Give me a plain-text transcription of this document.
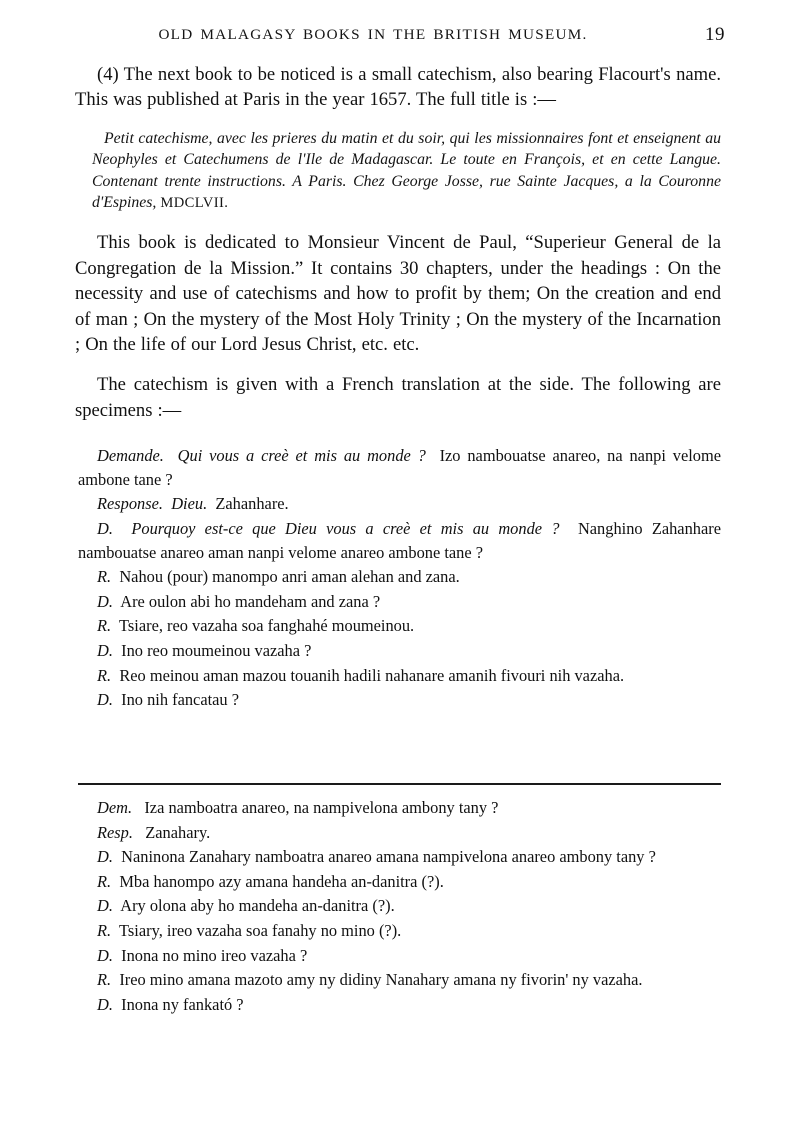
OLD MALAGASY BOOKS IN THE BRITISH MUSEUM.	19

(4) The next book to be noticed is a small catechism, also bearing Flacourt's name. This was published at Paris in the year 1657. The full title is :—

Petit catechisme, avec les prieres du matin et du soir, qui les missionnaires font et enseignent au Neophyles et Catechumens de l'Ile de Madagascar. Le toute en François, et en cette Langue. Contenant trente instructions. A Paris. Chez George Josse, rue Sainte Jacques, a la Couronne d'Espines, MDCLVII.

This book is dedicated to Monsieur Vincent de Paul, “Superieur General de la Congregation de la Mission.” It contains 30 chapters, under the headings : On the necessity and use of catechisms and how to profit by them; On the creation and end of man ; On the mystery of the Most Holy Trinity ; On the mystery of the Incarnation ; On the life of our Lord Jesus Christ, etc. etc.

The catechism is given with a French translation at the side. The following are specimens :—

Demande. Qui vous a creè et mis au monde ? Izo nambouatse anareo, na nanpi velome ambone tane ?

Response. Dieu. Zahanhare.

D. Pourquoy est-ce que Dieu vous a creè et mis au monde ? Nanghino Zahanhare nambouatse anareo aman nanpi velome anareo ambone tane ?

R. Nahou (pour) manompo anri aman alehan and zana.

D. Are oulon abi ho mandeham and zana ?

R. Tsiare, reo vazaha soa fanghahé moumeinou.

D. Ino reo moumeinou vazaha ?

R. Reo meinou aman mazou touanih hadili nahanare amanih fivouri nih vazaha.

D. Ino nih fancatau ?

Dem. Iza namboatra anareo, na nampivelona ambony tany ?

Resp. Zanahary.

D. Naninona Zanahary namboatra anareo amana nampivelona anareo ambony tany ?

R. Mba hanompo azy amana handeha an-danitra (?).

D. Ary olona aby ho mandeha an-danitra (?).

R. Tsiary, ireo vazaha soa fanahy no mino (?).

D. Inona no mino ireo vazaha ?

R. Ireo mino amana mazoto amy ny didiny Nanahary amana ny fivorin' ny vazaha.

D. Inona ny fankató ?
